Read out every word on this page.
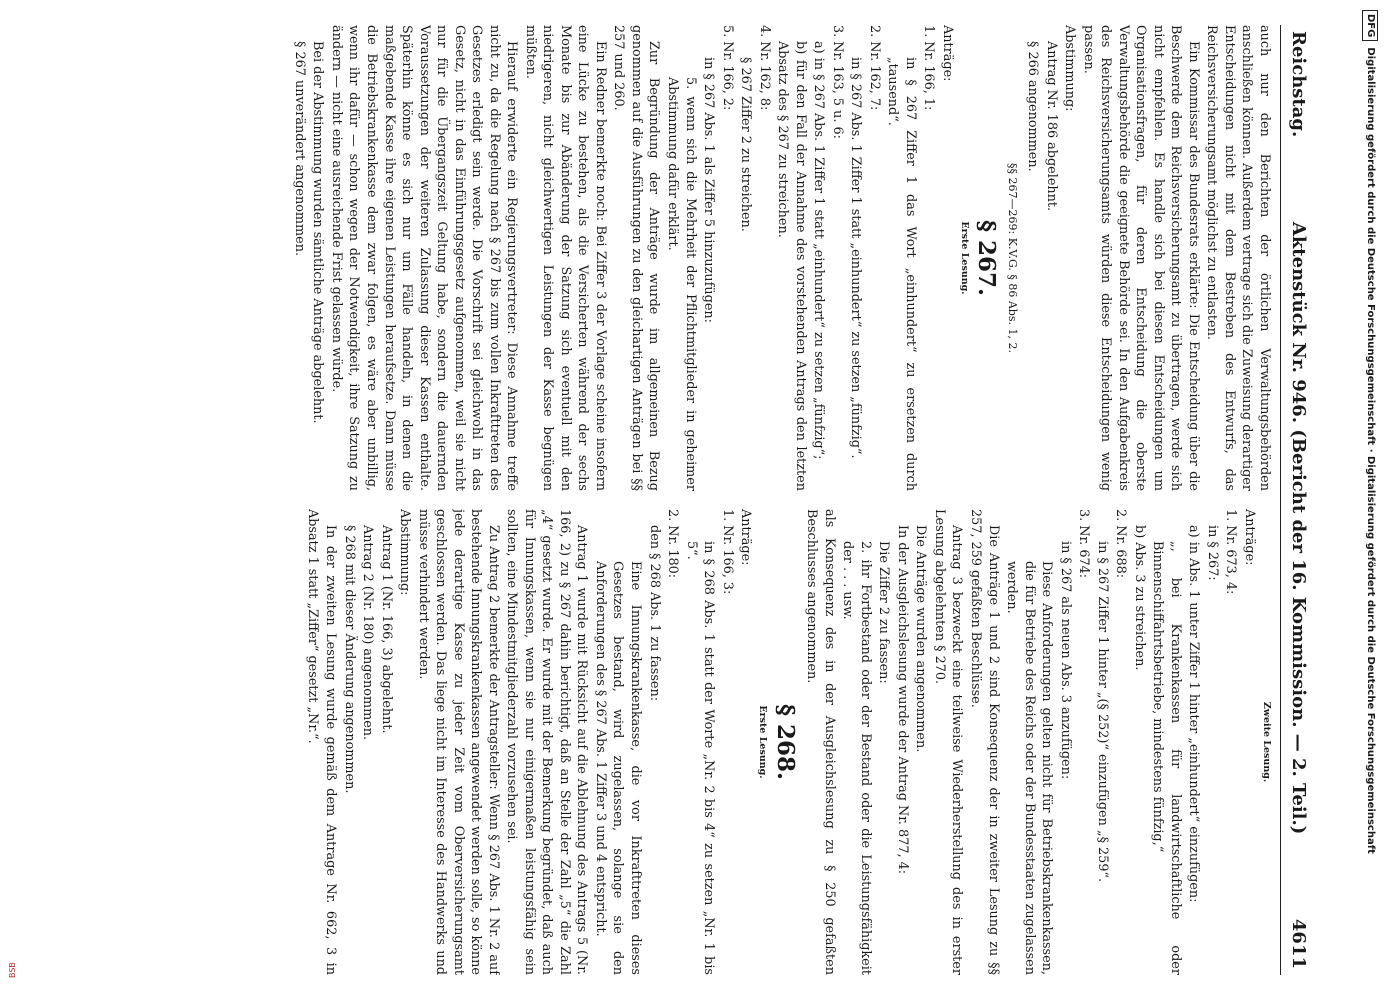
Reichstag.
Aktenstück Nr. 946. (Bericht der 16. Kommission. — 2. Teil.)
4611

auch nur den Berichten der örtlichen Verwaltungsbehörden anschließen können. Außerdem vertrage sich die Zuweisung derartiger Entscheidungen nicht mit dem Bestreben des Entwurfs, das Reichsversicherungsamt möglichst zu entlasten.

Ein Kommissar des Bundesrats erklärte: Die Entscheidung über die Beschwerde dem Reichsversicherungsamt zu übertragen, werde sich nicht empfehlen. Es handle sich bei diesen Entscheidungen um Organisationsfragen, für deren Entscheidung die oberste Verwaltungsbehörde die geeignete Behörde sei. In den Aufgabenkreis des Reichsversicherungsamts würden diese Entscheidungen wenig passen.

Abstimmung:

Antrag Nr. 186 abgelehnt.

§ 266 angenommen.

§§ 267—269: K.V.G. § 86 Abs. 1, 2.

§ 267.

Erste Lesung.

Anträge:

1. Nr. 166, 1:

in § 267 Ziffer 1 das Wort „einhundert“ zu ersetzen durch „tausend“.

2. Nr. 162, 7:

in § 267 Abs. 1 Ziffer 1 statt „einhundert“ zu setzen „fünfzig“.

3. Nr. 163, 5 u. 6:

a) in § 267 Abs. 1 Ziffer 1 statt „einhundert“ zu setzen „fünfzig“;

b) für den Fall der Annahme des vorstehenden Antrags den letzten Absatz des § 267 zu streichen.

4. Nr. 162, 8:

§ 267 Ziffer 2 zu streichen.

5. Nr. 166, 2:

in § 267 Abs. 1 als Ziffer 5 hinzuzufügen:

5. wenn sich die Mehrheit der Pflichtmitglieder in geheimer Abstimmung dafür erklärt.

Zur Begründung der Anträge wurde im allgemeinen Bezug genommen auf die Ausführungen zu den gleichartigen Anträgen bei §§ 257 und 260.

Ein Redner bemerkte noch: Bei Ziffer 3 der Vorlage scheine insofern eine Lücke zu bestehen, als die Versicherten während der sechs Monate bis zur Abänderung der Satzung sich eventuell mit den niedrigeren, nicht gleichwertigen Leistungen der Kasse begnügen müßten.

Hierauf erwiderte ein Regierungsvertreter: Diese Annahme treffe nicht zu, da die Regelung nach § 267 bis zum vollen Inkrafttreten des Gesetzes erledigt sein werde. Die Vorschrift sei gleichwohl in das Gesetz, nicht in das Einführungsgesetz aufgenommen, weil sie nicht nur für die Übergangszeit Geltung habe, sondern die dauernden Voraussetzungen der weiteren Zulassung dieser Kassen enthalte. Späterhin könne es sich nur um Fälle handeln, in denen die maßgebende Kasse ihre eigenen Leistungen heraufsetze. Dann müsse die Betriebskrankenkasse dem zwar folgen, es wäre aber unbillig, wenn ihr dafür — schon wegen der Notwendigkeit, ihre Satzung zu ändern — nicht eine ausreichende Frist gelassen würde.

Bei der Abstimmung wurden sämtliche Anträge abgelehnt.

§ 267 unverändert angenommen.

Zweite Lesung.

Anträge:

1. Nr. 673, 4:

in § 267:

a) in Abs. 1 unter Ziffer 1 hinter „einhundert“ einzufügen:

„, bei Krankenkassen für landwirtschaftliche oder Binnenschiffahrtsbetriebe, mindestens fünfzig,“

b) Abs. 3 zu streichen.

2. Nr. 688:

in § 267 Ziffer 1 hinter „(§ 252)“ einzufügen „§ 259“.

3. Nr. 674:

in § 267 als neuen Abs. 3 anzufügen:

Diese Anforderungen gelten nicht für Betriebskrankenkassen, die für Betriebe des Reichs oder der Bundesstaaten zugelassen werden.

Die Anträge 1 und 2 sind Konsequenz der in zweiter Lesung zu §§ 257, 259 gefaßten Beschlüsse.

Antrag 3 bezweckt eine teilweise Wiederherstellung des in erster Lesung abgelehnten § 270.

Die Anträge wurden angenommen.

In der Ausgleichslesung wurde der Antrag Nr. 877, 4:

Die Ziffer 2 zu fassen:

2. ihr Fortbestand oder der Bestand oder die Leistungsfähigkeit der . . . usw.

als Konsequenz des in der Ausgleichslesung zu § 250 gefaßten Beschlusses angenommen.

§ 268.

Erste Lesung.

Anträge:

1. Nr. 166, 3:

in § 268 Abs. 1 statt der Worte „Nr. 2 bis 4“ zu setzen „Nr. 1 bis 5“.

2. Nr. 180:

den § 268 Abs. 1 zu fassen:

Eine Innungskrankenkasse, die vor Inkrafttreten dieses Gesetzes bestand, wird zugelassen, solange sie den Anforderungen des § 267 Abs. 1 Ziffer 3 und 4 entspricht.

Antrag 1 wurde mit Rücksicht auf die Ablehnung des Antrags 5 (Nr. 166, 2) zu § 267 dahin berichtigt, daß an Stelle der Zahl „5“ die Zahl „4“ gesetzt wurde. Er wurde mit der Bemerkung begründet, daß auch für Innungskassen, wenn sie nur einigermaßen leistungsfähig sein sollten, eine Mindestmitgliederzahl vorzusehen sei.

Zu Antrag 2 bemerkte der Antragsteller: Wenn § 267 Abs. 1 Nr. 2 auf bestehende Innungskrankenkassen angewendet werden solle, so könne jede derartige Kasse zu jeder Zeit vom Oberversicherungsamt geschlossen werden. Das liege nicht im Interesse des Handwerks und müsse verhindert werden.

Abstimmung:

Antrag 1 (Nr. 166, 3) abgelehnt.

Antrag 2 (Nr. 180) angenommen.

§ 268 mit dieser Änderung angenommen.

In der zweiten Lesung wurde gemäß dem Antrage Nr. 662, 3 in Absatz 1 statt „Ziffer“ gesetzt „Nr.“.

DFGDigitalisierung gefördert durch die Deutsche Forschungsgemeinschaft · Digitalisierung gefördert durch die Deutsche Forschungsgemeinschaft
BSB
